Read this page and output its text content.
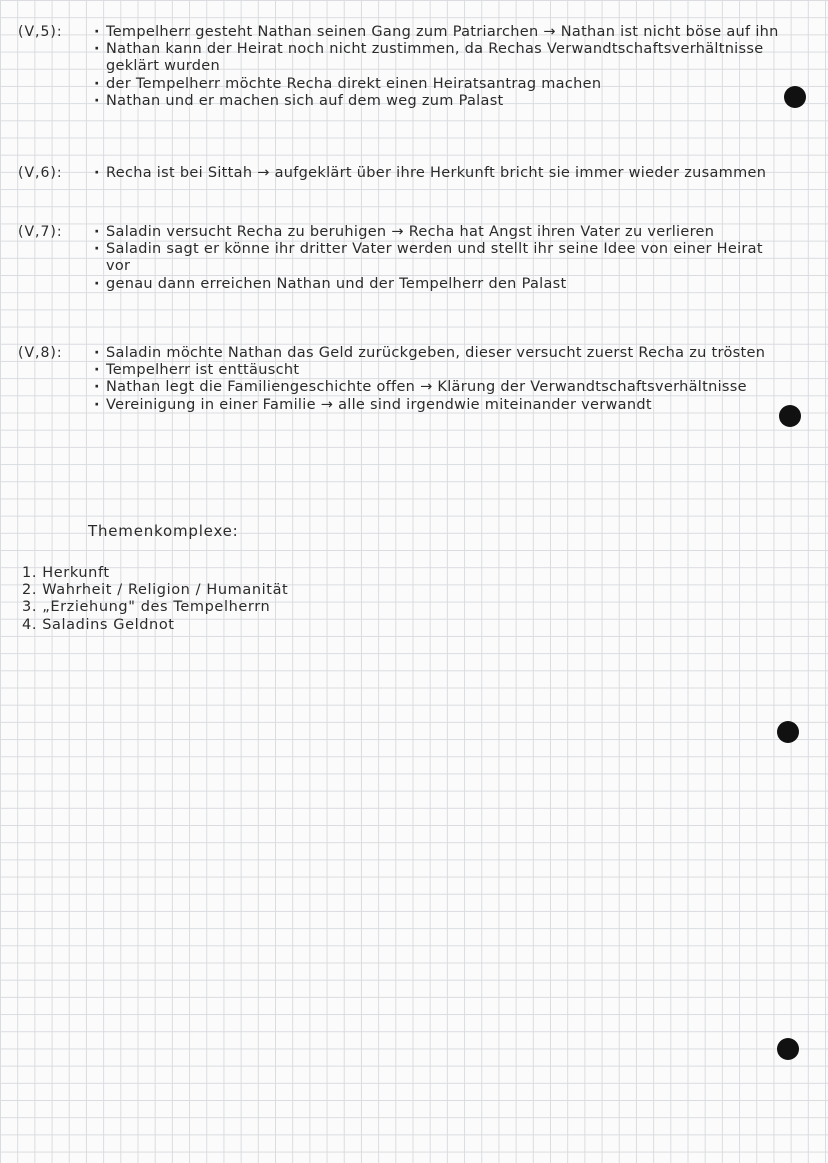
(V,5):	· Tempelherr gesteht Nathan seinen Gang zum Patriarchen → Nathan ist nicht böse auf ihn
· Nathan kann der Heirat noch nicht zustimmen, da Rechas Verwandtschaftsverhältnisse geklärt wurden
· der Tempelherr möchte Recha direkt einen Heiratsantrag machen
· Nathan und er machen sich auf dem weg zum Palast
(V,6):	· Recha ist bei Sittah → aufgeklärt über ihre Herkunft bricht sie immer wieder zusammen
(V,7):	· Saladin versucht Recha zu beruhigen → Recha hat Angst ihren Vater zu verlieren
· Saladin sagt er könne ihr dritter Vater werden und stellt ihr seine Idee von einer Heirat vor
· genau dann erreichen Nathan und der Tempelherr den Palast
(V,8):	· Saladin möchte Nathan das Geld zurückgeben, dieser versucht zuerst Recha zu trösten
· Tempelherr ist enttäuscht
· Nathan legt die Familiengeschichte offen → Klärung der Verwandtschaftsverhältnisse
· Vereinigung in einer Familie → alle sind irgendwie miteinander verwandt
Themenkomplexe:
1. Herkunft
2. Wahrheit / Religion / Humanität
3. „Erziehung" des Tempelherrn
4. Saladins Geldnot
